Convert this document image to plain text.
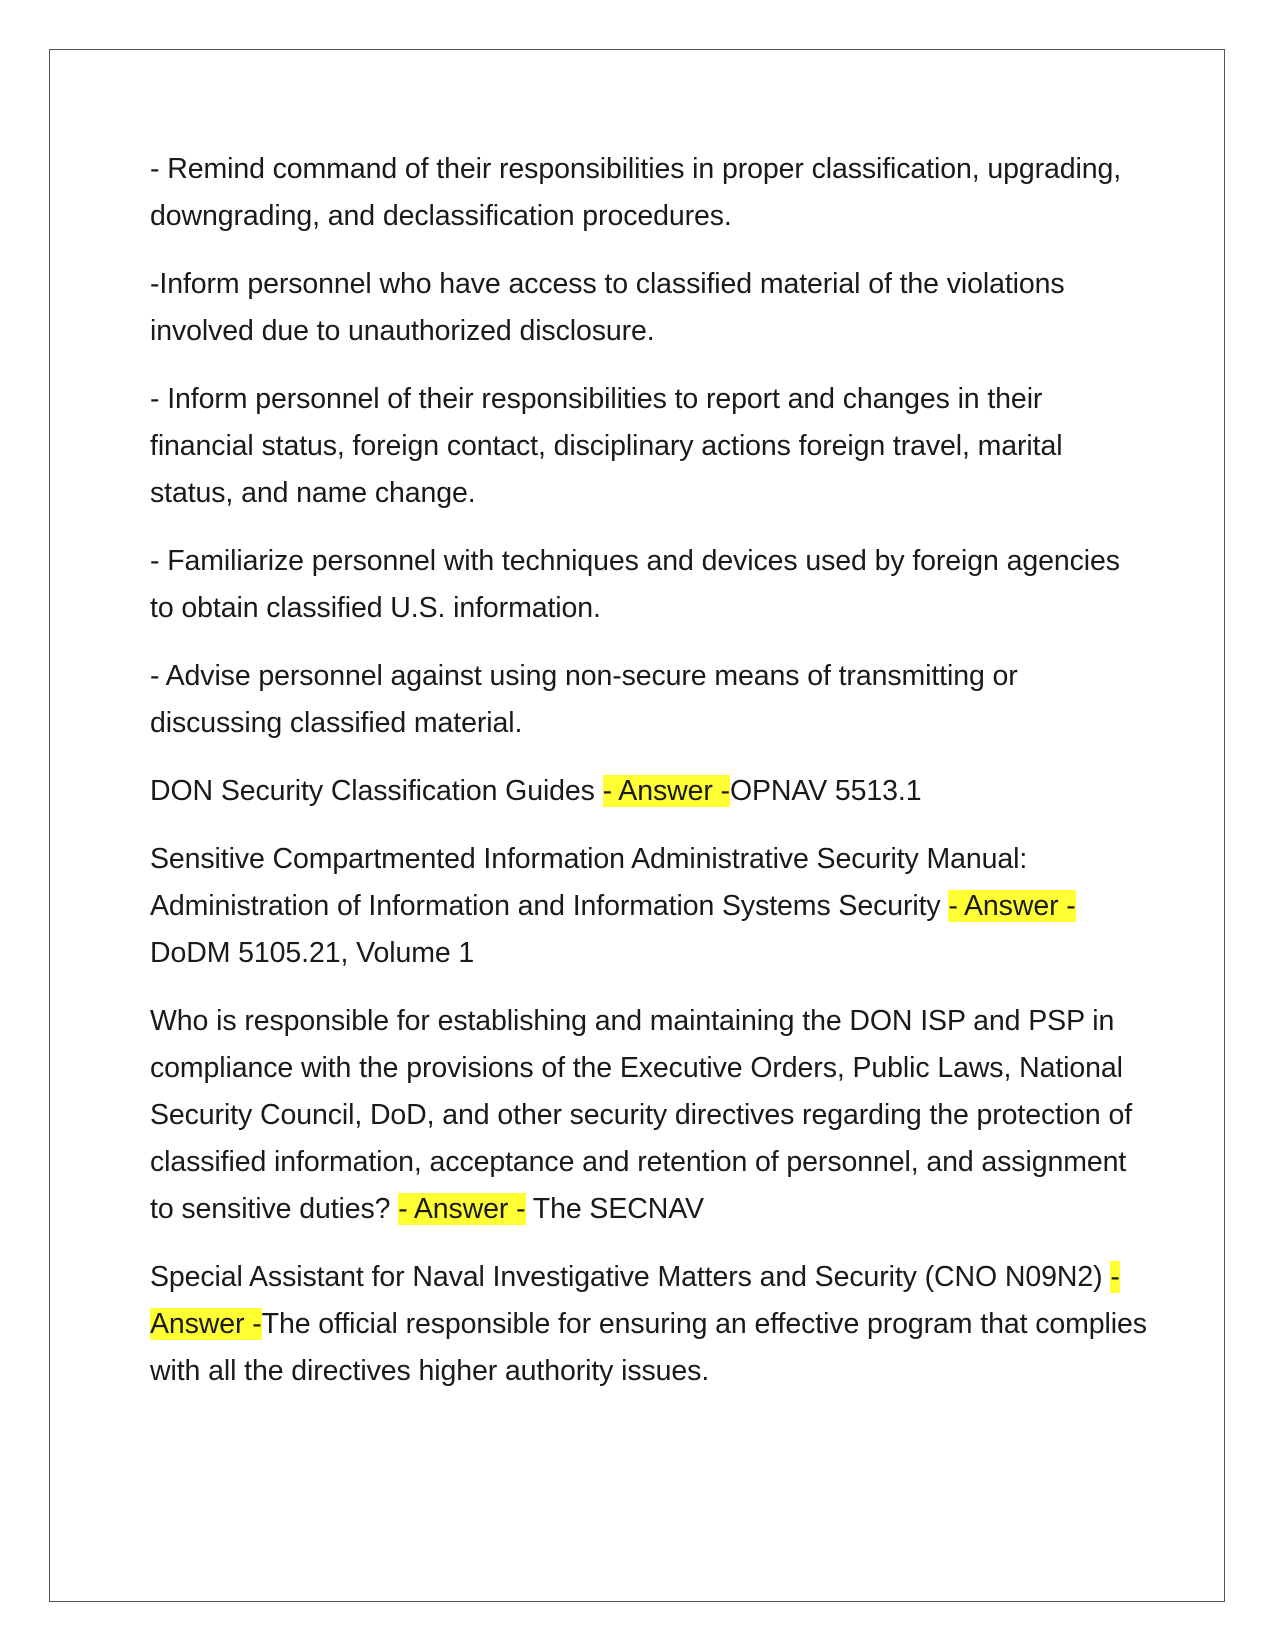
- Remind command of their responsibilities in proper classification, upgrading, downgrading, and declassification procedures.

-Inform personnel who have access to classified material of the violations involved due to unauthorized disclosure.

- Inform personnel of their responsibilities to report and changes in their financial status, foreign contact, disciplinary actions foreign travel, marital status, and name change.

- Familiarize personnel with techniques and devices used by foreign agencies to obtain classified U.S. information.

- Advise personnel against using non-secure means of transmitting or discussing classified material.

DON Security Classification Guides - Answer -OPNAV 5513.1

Sensitive Compartmented Information Administrative Security Manual: Administration of Information and Information Systems Security - Answer -DoDM 5105.21, Volume 1

Who is responsible for establishing and maintaining the DON ISP and PSP in compliance with the provisions of the Executive Orders, Public Laws, National Security Council, DoD, and other security directives regarding the protection of classified information, acceptance and retention of personnel, and assignment to sensitive duties? - Answer - The SECNAV

Special Assistant for Naval Investigative Matters and Security (CNO N09N2) - Answer -The official responsible for ensuring an effective program that complies with all the directives higher authority issues.
